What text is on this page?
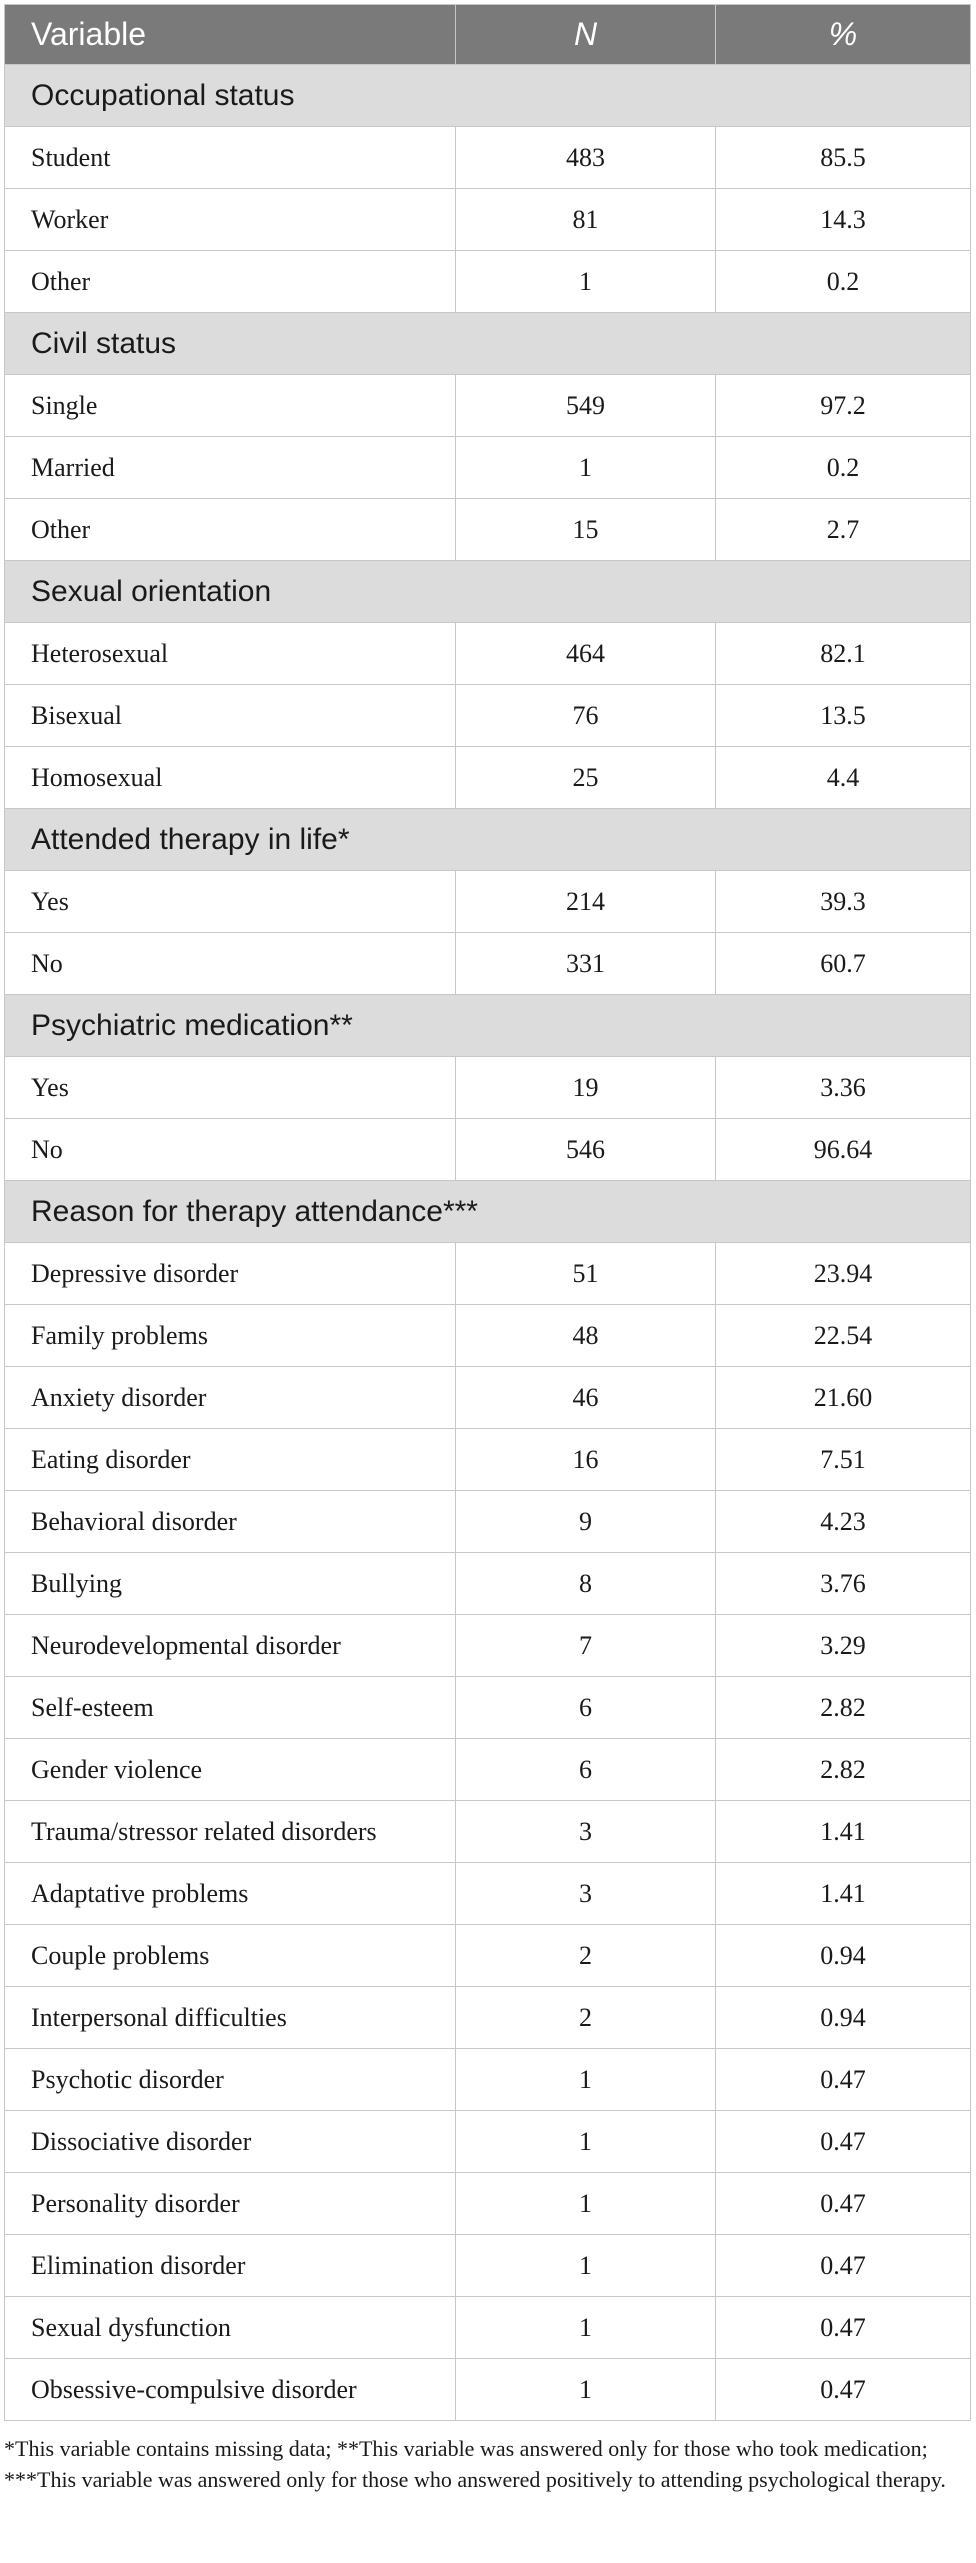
Variable	N	%
Occupational status		
Student	483	85.5
Worker	81	14.3
Other	1	0.2
Civil status		
Single	549	97.2
Married	1	0.2
Other	15	2.7
Sexual orientation		
Heterosexual	464	82.1
Bisexual	76	13.5
Homosexual	25	4.4
Attended therapy in life*		
Yes	214	39.3
No	331	60.7
Psychiatric medication**		
Yes	19	3.36
No	546	96.64
Reason for therapy attendance***		
Depressive disorder	51	23.94
Family problems	48	22.54
Anxiety disorder	46	21.60
Eating disorder	16	7.51
Behavioral disorder	9	4.23
Bullying	8	3.76
Neurodevelopmental disorder	7	3.29
Self-esteem	6	2.82
Gender violence	6	2.82
Trauma/stressor related disorders	3	1.41
Adaptative problems	3	1.41
Couple problems	2	0.94
Interpersonal difficulties	2	0.94
Psychotic disorder	1	0.47
Dissociative disorder	1	0.47
Personality disorder	1	0.47
Elimination disorder	1	0.47
Sexual dysfunction	1	0.47
Obsessive-compulsive disorder	1	0.47
*This variable contains missing data; **This variable was answered only for those who took medication; ***This variable was answered only for those who answered positively to attending psychological therapy.
